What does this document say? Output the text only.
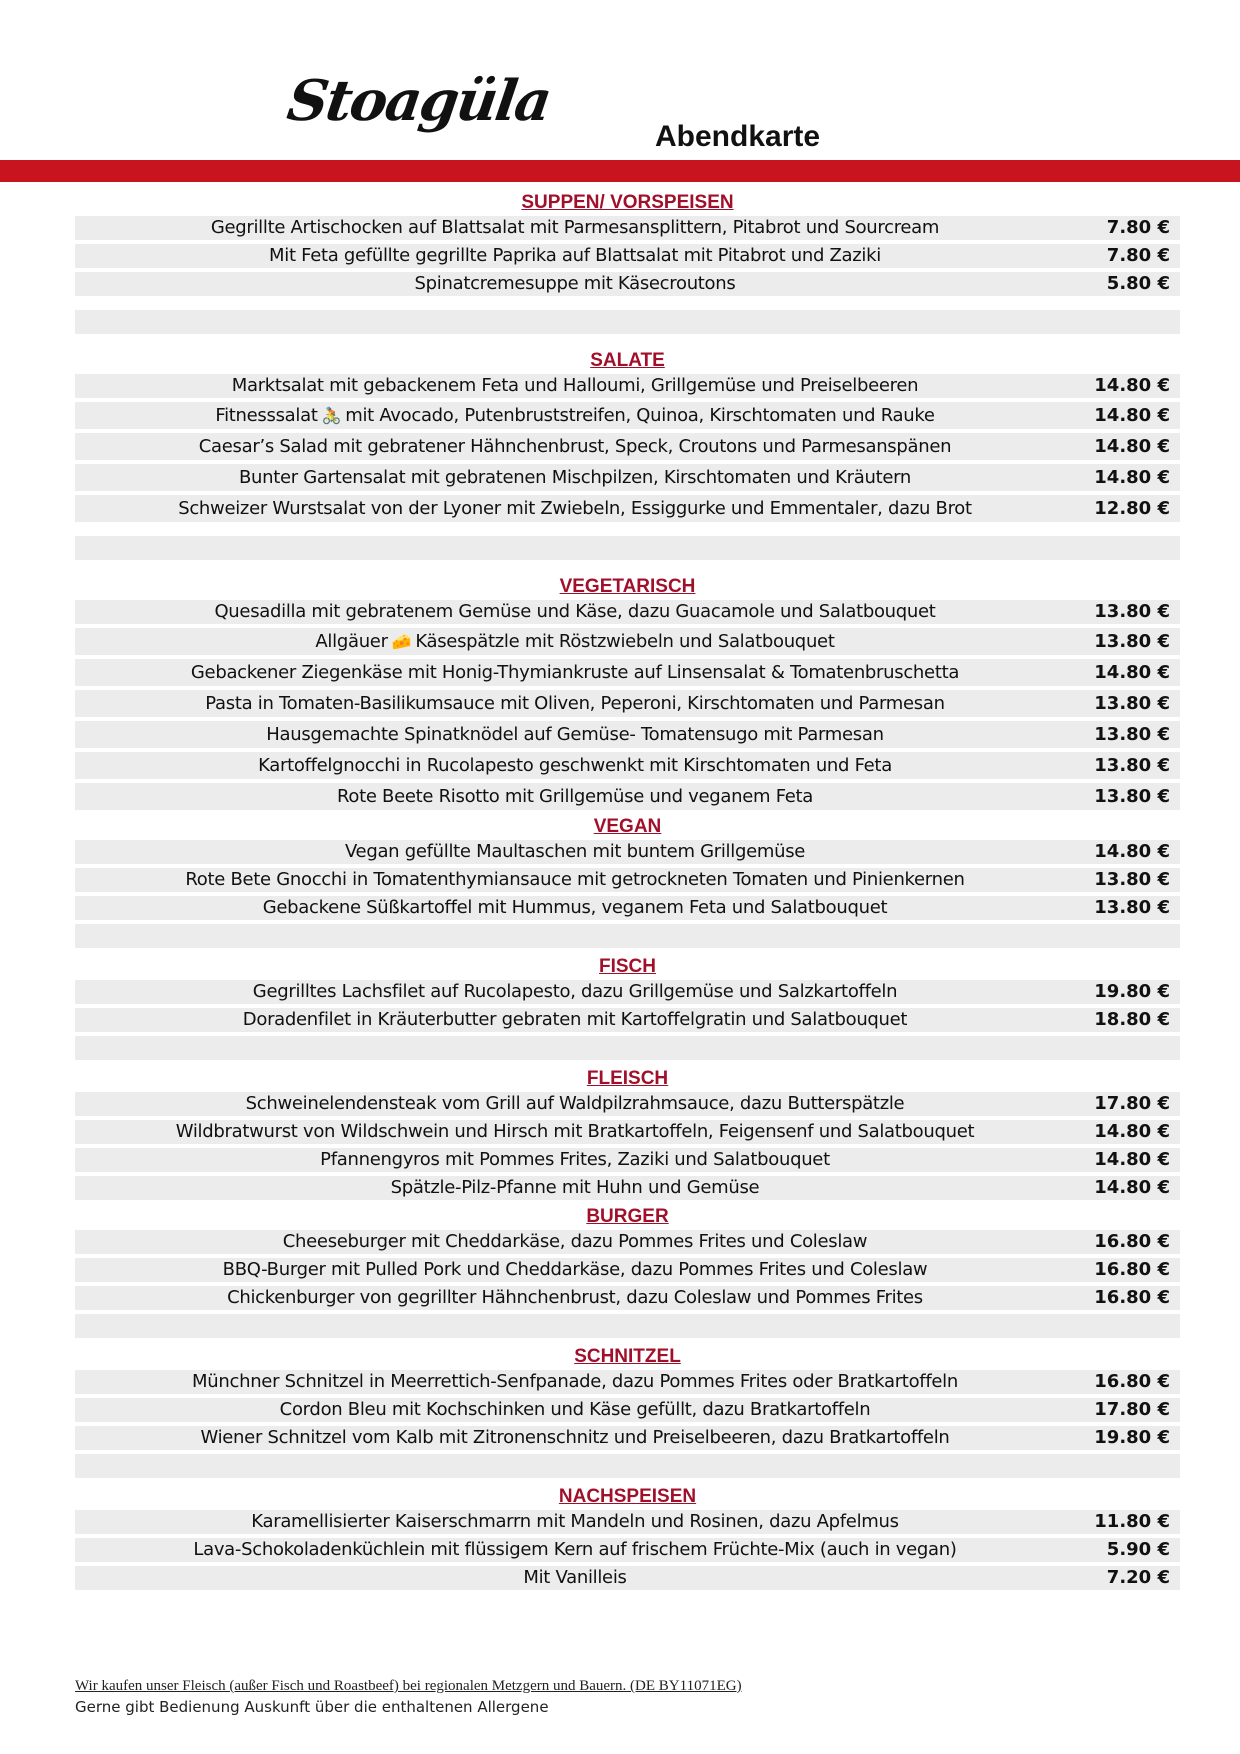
Stoagüla
Abendkarte
SUPPEN/ VORSPEISEN
Gegrillte Artischocken auf Blattsalat mit Parmesansplittern, Pitabrot und Sourcream	7.80 €
Mit Feta gefüllte gegrillte Paprika auf Blattsalat mit Pitabrot und Zaziki	7.80 €
Spinatcremesuppe mit Käsecroutons	5.80 €
SALATE
Marktsalat mit gebackenem Feta und Halloumi, Grillgemüse und Preiselbeeren	14.80 €
Fitnesssalat 🚴 mit Avocado, Putenbruststreifen, Quinoa, Kirschtomaten und Rauke	14.80 €
Caesar’s Salad mit gebratener Hähnchenbrust, Speck, Croutons und Parmesanspänen	14.80 €
Bunter Gartensalat mit gebratenen Mischpilzen, Kirschtomaten und Kräutern	14.80 €
Schweizer Wurstsalat von der Lyoner mit Zwiebeln, Essiggurke und Emmentaler, dazu Brot	12.80 €
VEGETARISCH
Quesadilla mit gebratenem Gemüse und Käse, dazu Guacamole und Salatbouquet	13.80 €
Allgäuer 🧀 Käsespätzle mit Röstzwiebeln und Salatbouquet	13.80 €
Gebackener Ziegenkäse mit Honig-Thymiankruste auf Linsensalat & Tomatenbruschetta	14.80 €
Pasta in Tomaten-Basilikumsauce mit Oliven, Peperoni, Kirschtomaten und Parmesan	13.80 €
Hausgemachte Spinatknödel auf Gemüse- Tomatensugo mit Parmesan	13.80 €
Kartoffelgnocchi in Rucolapesto geschwenkt mit Kirschtomaten und Feta	13.80 €
Rote Beete Risotto mit Grillgemüse und veganem Feta	13.80 €
VEGAN
Vegan gefüllte Maultaschen mit buntem Grillgemüse	14.80 €
Rote Bete Gnocchi in Tomatenthymiansauce mit getrockneten Tomaten und Pinienkernen	13.80 €
Gebackene Süßkartoffel mit Hummus, veganem Feta und Salatbouquet	13.80 €
FISCH
Gegrilltes Lachsfilet auf Rucolapesto, dazu Grillgemüse und Salzkartoffeln	19.80 €
Doradenfilet in Kräuterbutter gebraten mit Kartoffelgratin und Salatbouquet	18.80 €
FLEISCH
Schweinelendensteak vom Grill auf Waldpilzrahmsauce, dazu Butterspätzle	17.80 €
Wildbratwurst von Wildschwein und Hirsch mit Bratkartoffeln, Feigensenf und Salatbouquet	14.80 €
Pfannengyros mit Pommes Frites, Zaziki und Salatbouquet	14.80 €
Spätzle-Pilz-Pfanne mit Huhn und Gemüse	14.80 €
BURGER
Cheeseburger mit Cheddarkäse, dazu Pommes Frites und Coleslaw	16.80 €
BBQ-Burger mit Pulled Pork und Cheddarkäse, dazu Pommes Frites und Coleslaw	16.80 €
Chickenburger von gegrillter Hähnchenbrust, dazu Coleslaw und Pommes Frites	16.80 €
SCHNITZEL
Münchner Schnitzel in Meerrettich-Senfpanade, dazu Pommes Frites oder Bratkartoffeln	16.80 €
Cordon Bleu mit Kochschinken und Käse gefüllt, dazu Bratkartoffeln	17.80 €
Wiener Schnitzel vom Kalb mit Zitronenschnitz und Preiselbeeren, dazu Bratkartoffeln	19.80 €
NACHSPEISEN
Karamellisierter Kaiserschmarrn mit Mandeln und Rosinen, dazu Apfelmus	11.80 €
Lava-Schokoladenküchlein mit flüssigem Kern auf frischem Früchte-Mix (auch in vegan)	5.90 €
Mit Vanilleis	7.20 €
Wir kaufen unser Fleisch (außer Fisch und Roastbeef) bei regionalen Metzgern und Bauern. (DE BY11071EG)
Gerne gibt Bedienung Auskunft über die enthaltenen Allergene
